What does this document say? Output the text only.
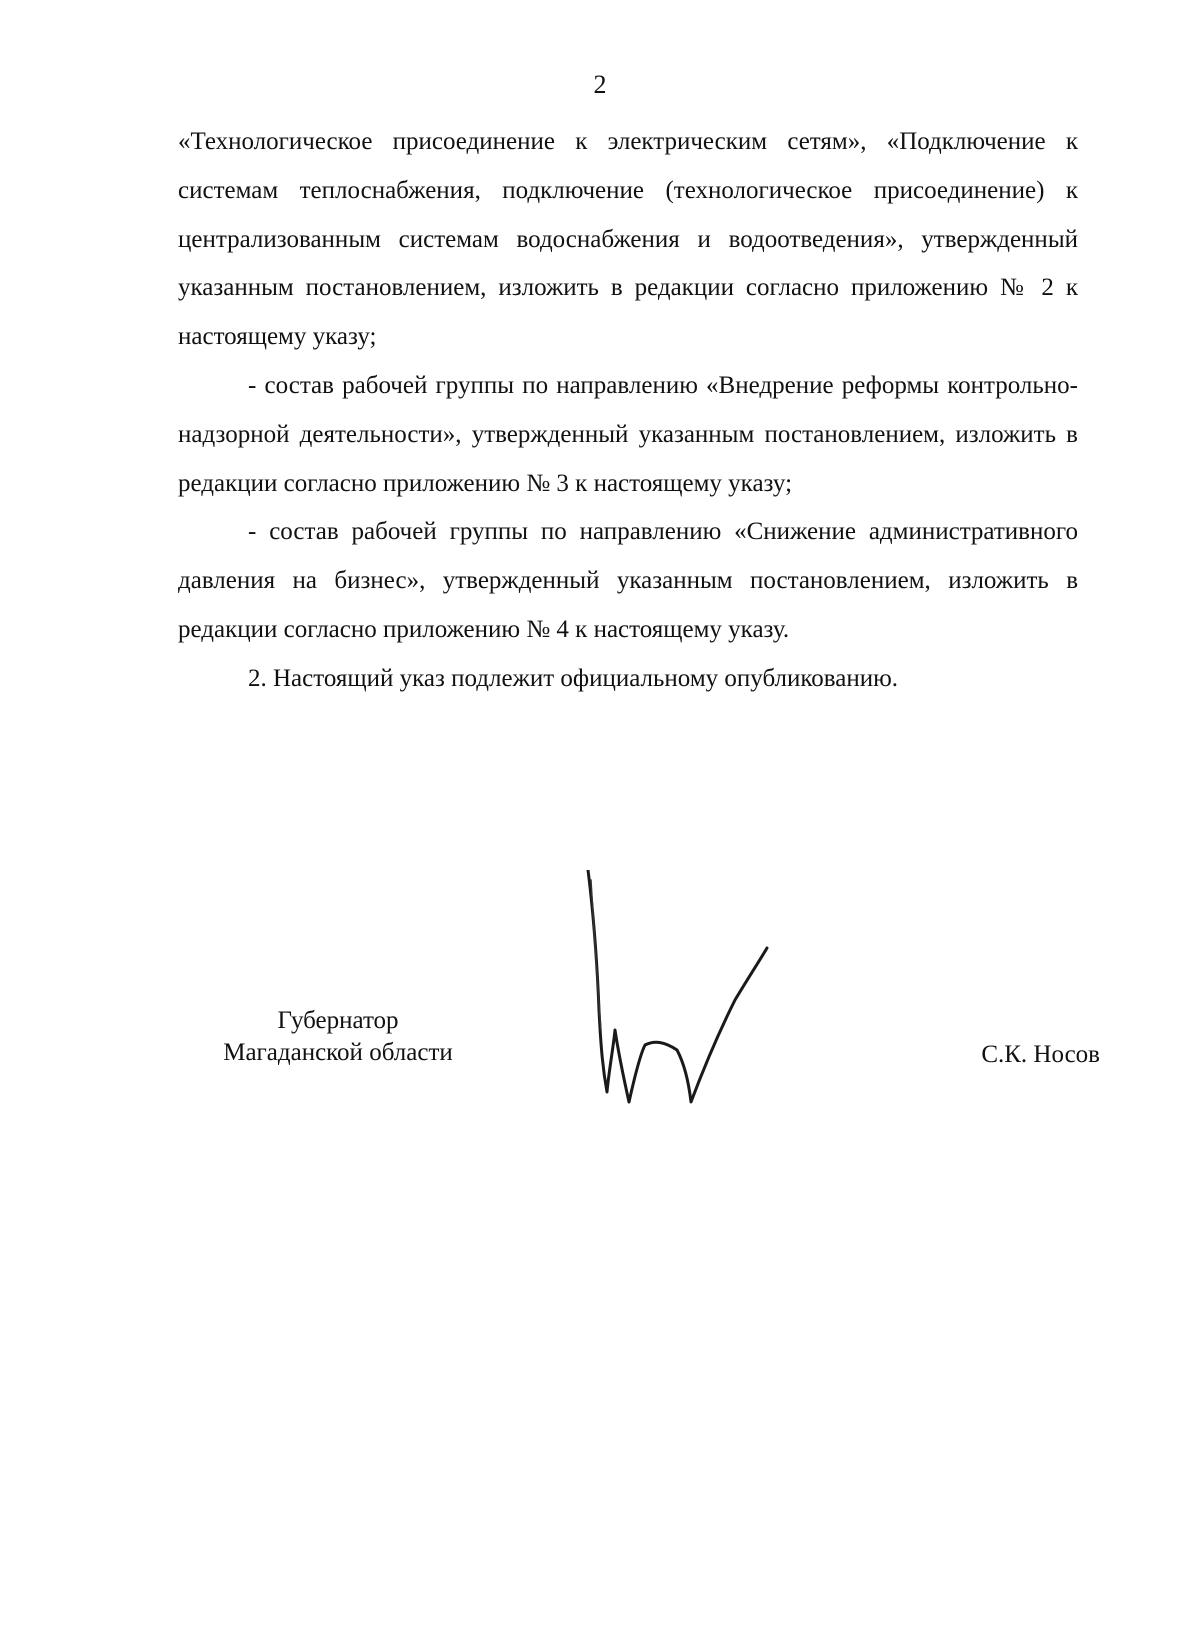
2

«Технологическое присоединение к электрическим сетям», «Подключение к системам теплоснабжения, подключение (технологическое присоединение) к централизованным системам водоснабжения и водоотведения», утвержденный указанным постановлением, изложить в редакции согласно приложению № 2 к настоящему указу;

- состав рабочей группы по направлению «Внедрение реформы контрольно-надзорной деятельности», утвержденный указанным постановлением, изложить в редакции согласно приложению № 3 к настоящему указу;

- состав рабочей группы по направлению «Снижение административного давления на бизнес», утвержденный указанным постановлением, изложить в редакции согласно приложению № 4 к настоящему указу.

2. Настоящий указ подлежит официальному опубликованию.

Губернатор
Магаданской области	С.К. Носов
